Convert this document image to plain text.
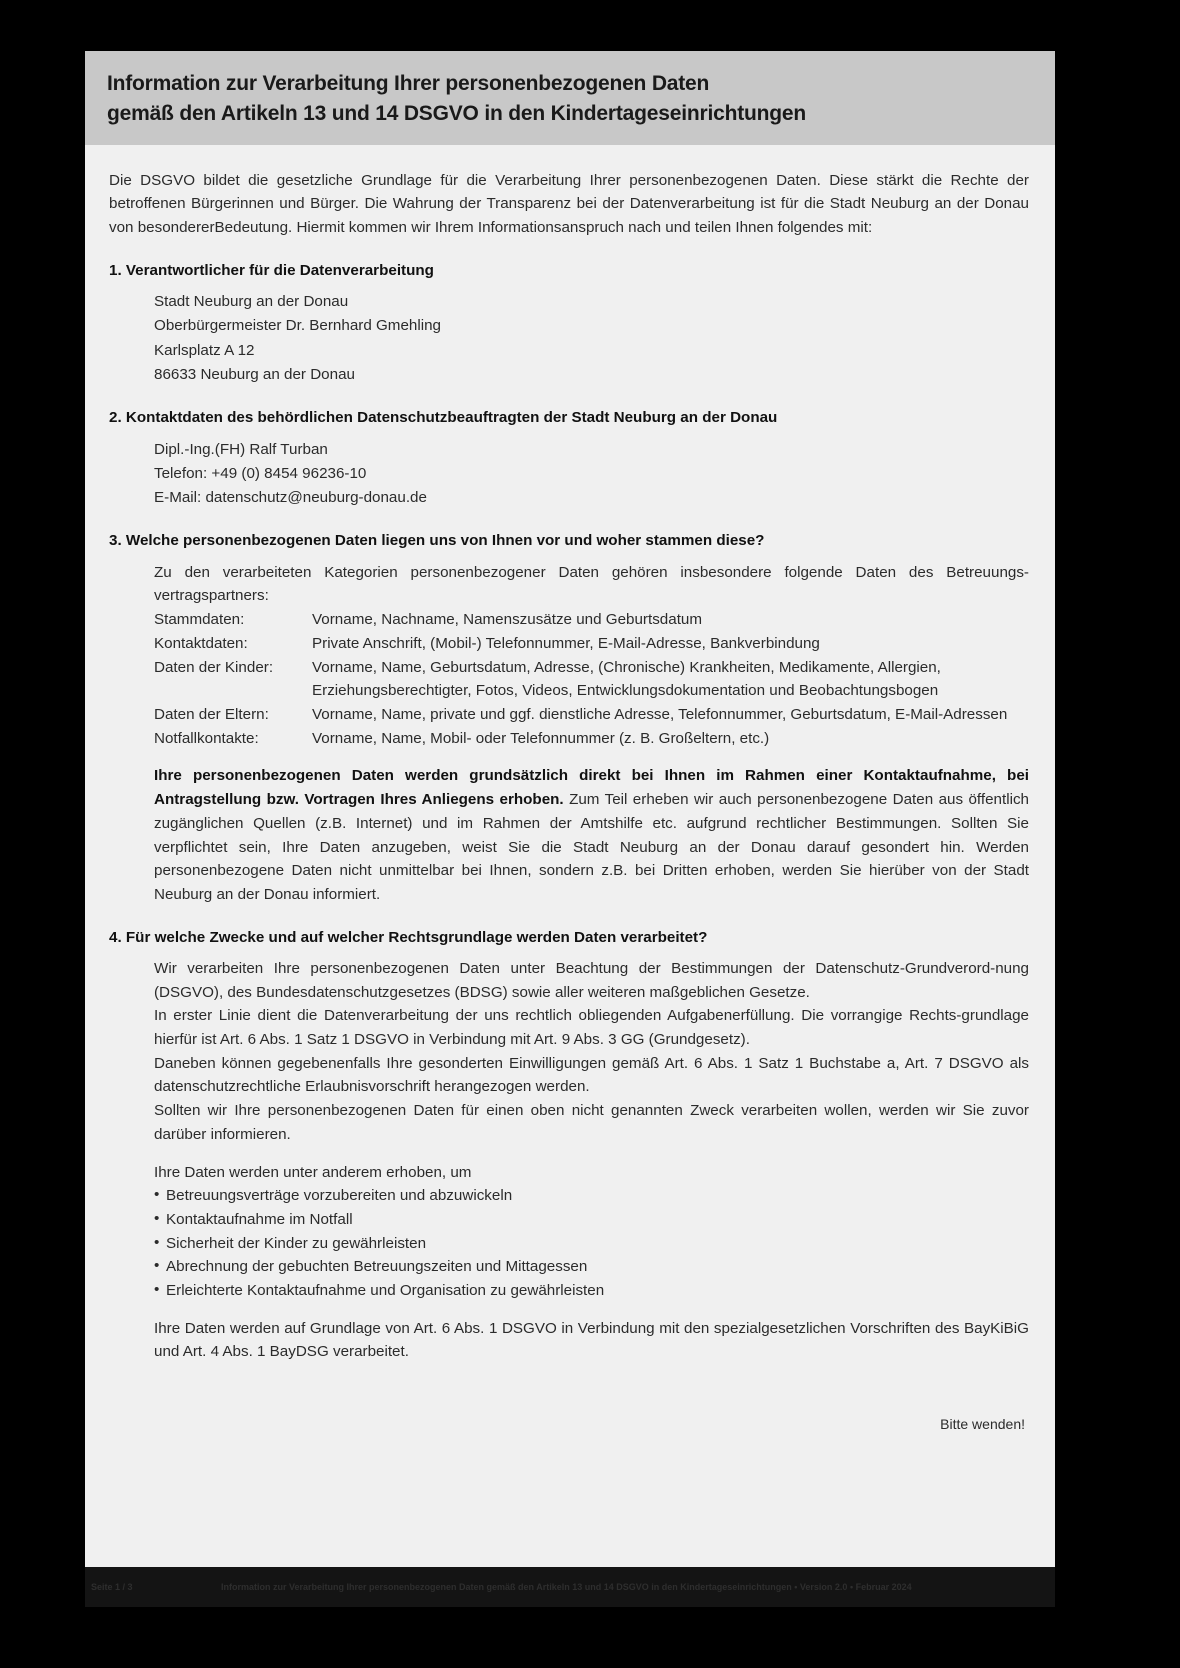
Information zur Verarbeitung Ihrer personenbezogenen Daten
gemäß den Artikeln 13 und 14 DSGVO in den Kindertageseinrichtungen

Die DSGVO bildet die gesetzliche Grundlage für die Verarbeitung Ihrer personenbezogenen Daten. Diese stärkt die Rechte der betroffenen Bürgerinnen und Bürger. Die Wahrung der Transparenz bei der Datenverarbeitung ist für die Stadt Neuburg an der Donau von besondererBedeutung. Hiermit kommen wir Ihrem Informationsanspruch nach und teilen Ihnen folgendes mit:

1. Verantwortlicher für die Datenverarbeitung

Stadt Neuburg an der Donau

Oberbürgermeister Dr. Bernhard Gmehling

Karlsplatz A 12

86633 Neuburg an der Donau

2. Kontaktdaten des behördlichen Datenschutzbeauftragten der Stadt Neuburg an der Donau

Dipl.-Ing.(FH) Ralf Turban

Telefon: +49 (0) 8454 96236-10

E-Mail: datenschutz@neuburg-donau.de

3. Welche personenbezogenen Daten liegen uns von Ihnen vor und woher stammen diese?

Zu den verarbeiteten Kategorien personenbezogener Daten gehören insbesondere folgende Daten des Betreuungs-vertragspartners:

Stammdaten:	Vorname, Nachname, Namenszusätze und Geburtsdatum
Kontaktdaten:	Private Anschrift, (Mobil-) Telefonnummer, E-Mail-Adresse, Bankverbindung
Daten der Kinder:	Vorname, Name, Geburtsdatum, Adresse, (Chronische) Krankheiten, Medikamente, Allergien, Erziehungsberechtigter, Fotos, Videos, Entwicklungsdokumentation und Beobachtungsbogen
Daten der Eltern:	Vorname, Name, private und ggf. dienstliche Adresse, Telefonnummer, Geburtsdatum, E-Mail-Adressen
Notfallkontakte:	Vorname, Name, Mobil- oder Telefonnummer (z. B. Großeltern, etc.)

Ihre personenbezogenen Daten werden grundsätzlich direkt bei Ihnen im Rahmen einer Kontaktaufnahme, bei Antragstellung bzw. Vortragen Ihres Anliegens erhoben. Zum Teil erheben wir auch personenbezogene Daten aus öffentlich zugänglichen Quellen (z.B. Internet) und im Rahmen der Amtshilfe etc. aufgrund rechtlicher Bestimmungen. Sollten Sie verpflichtet sein, Ihre Daten anzugeben, weist Sie die Stadt Neuburg an der Donau darauf gesondert hin. Werden personenbezogene Daten nicht unmittelbar bei Ihnen, sondern z.B. bei Dritten erhoben, werden Sie hierüber von der Stadt Neuburg an der Donau informiert.

4. Für welche Zwecke und auf welcher Rechtsgrundlage werden Daten verarbeitet?

Wir verarbeiten Ihre personenbezogenen Daten unter Beachtung der Bestimmungen der Datenschutz-Grundverord-nung (DSGVO), des Bundesdatenschutzgesetzes (BDSG) sowie aller weiteren maßgeblichen Gesetze.

In erster Linie dient die Datenverarbeitung der uns rechtlich obliegenden Aufgabenerfüllung. Die vorrangige Rechts-grundlage hierfür ist Art. 6 Abs. 1 Satz 1 DSGVO in Verbindung mit Art. 9 Abs. 3 GG (Grundgesetz).

Daneben können gegebenenfalls Ihre gesonderten Einwilligungen gemäß Art. 6 Abs. 1 Satz 1 Buchstabe a, Art. 7 DSGVO als datenschutzrechtliche Erlaubnisvorschrift herangezogen werden.

Sollten wir Ihre personenbezogenen Daten für einen oben nicht genannten Zweck verarbeiten wollen, werden wir Sie zuvor darüber informieren.

Ihre Daten werden unter anderem erhoben, um

• Betreuungsverträge vorzubereiten und abzuwickeln
• Kontaktaufnahme im Notfall
• Sicherheit der Kinder zu gewährleisten
• Abrechnung der gebuchten Betreuungszeiten und Mittagessen
• Erleichterte Kontaktaufnahme und Organisation zu gewährleisten

Ihre Daten werden auf Grundlage von Art. 6 Abs. 1 DSGVO in Verbindung mit den spezialgesetzlichen Vorschriften des BayKiBiG und Art. 4 Abs. 1 BayDSG verarbeitet.

Bitte wenden!
Seite 1 / 3	Information zur Verarbeitung Ihrer personenbezogenen Daten gemäß den Artikeln 13 und 14 DSGVO in den Kindertageseinrichtungen • Version 2.0 • Februar 2024
